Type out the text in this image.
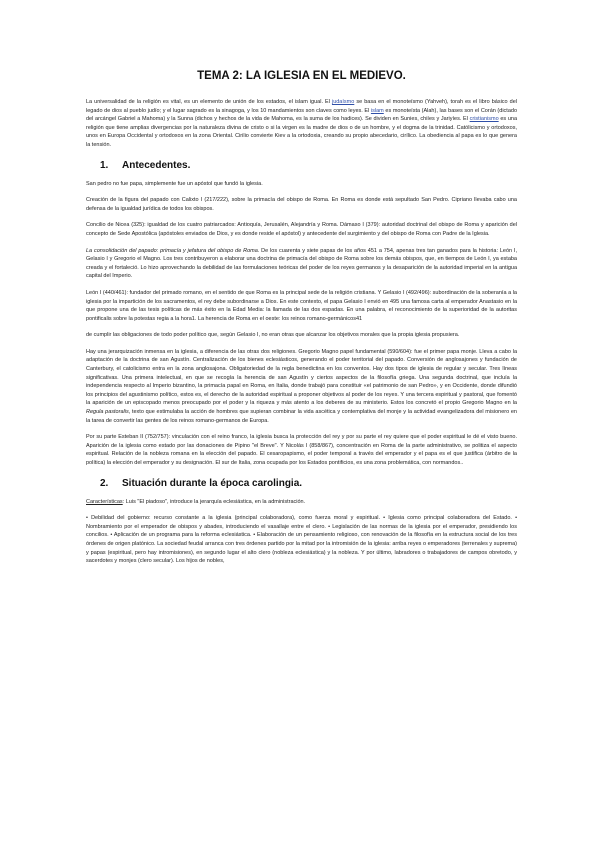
TEMA 2: LA IGLESIA EN EL MEDIEVO.

La universalidad de la religión es vital, es un elemento de unión de los estados, el islam igual. El judaísmo se basa en el monoteísmo (Yahveh), torah es el libro básico del legado de dios al pueblo judío; y el lugar sagrado es la sinagoga, y los 10 mandamientos son claves como leyes. El islam es monoteísta (Alah), las bases son el Corán (dictado del arcángel Gabriel a Mahoma) y la Sunna (dichos y hechos de la vida de Mahoma, es la suma de los hadices). Se dividen en Sunies, chiíes y Jariyíes. El cristianismo es una religión que tiene amplias divergencias por la naturaleza divina de cristo o si la virgen es la madre de dios o de un hombre, y el dogma de la trinidad. Católicismo y ortodoxos, unos en Europa Occidental y ortodoxos en la zona Oriental. Cirilio convierte Kiev a la ortodoxia, creando su propio abecedario, cirílico. La obediencia al papa es lo que genera la tensión.

1.	Antecedentes.

San pedro no fue papa, simplemente fue un apóstol que fundó la iglesia.

Creación de la figura del papado con Calixto I (217/222), sobre la primacía del obispo de Roma. En Roma es donde está sepultado San Pedro. Cipriano llevaba cabo una defensa de la igualdad jurídica de todos los obispos.

Concilio de Nicea (325): igualdad de los cuatro patriarcados: Antioquía, Jerusalén, Alejandría y Roma. Dámaso I (379): autoridad doctrinal del obispo de Roma y aparición del concepto de Sede Apostólica (apóstoles enviados de Dios, y es donde reside el apóstol) y antecedente del surgimiento y del obispo de Roma con Padre de la Iglesia.

La consolidación del papado: primacía y jefatura del obispo de Roma. De los cuarenta y siete papas de los años 451 a 754, apenas tres tan ganados para la historia: León I, Gelasio I y Gregorio el Magno. Los tres contribuyeron a elaborar una doctrina de primacía del obispo de Roma sobre los demás obispos, que, en tiempos de León I, ya estaba creada y el fortaleció. Lo hizo aprovechando la debilidad de las formulaciones teóricas del poder de los reyes germanos y la desaparición de la autoridad imperial en la antigua capital del Imperio.

León I (440/461): fundador del primado romano, en el sentido de que Roma es la principal sede de la religión cristiana. Y Gelasio I (492/496): subordinación de la soberanía a la iglesia por la impartición de los sacramentos, el rey debe subordinarse a Dios. En este contexto, el papa Gelasio I envió en 495 una famosa carta al emperador Anastasio en la que propone una de las tesis políticas de más éxito en la Edad Media: la llamada de las dos espadas. En una palabra, el reconocimiento de la superioridad de la autoritas pontificalis sobre la potestas regia a la hora1. La herencia de Roma en el oeste: los reinos romano-germánicos41

de cumplir las obligaciones de todo poder político que, según Gelasio I, no eran otras que alcanzar los objetivos morales que la propia iglesia propusiera.

Hay una jerarquización inmensa en la iglesia, a diferencia de las otras dos religiones. Gregorio Magno papel fundamental (590/604): fue el primer papa monje. Lleva a cabo la adaptación de la doctrina de san Agustín. Centralización de los bienes eclesiásticos, generando el poder territorial del papado. Conversión de anglosajones y fundación de Canterbury, el catolicismo entra en la zona anglosajona. Obligatoriedad de la regla benedictina en los conventos. Hay dos tipos de iglesia de regular y secular. Tres líneas significativas. Una primera intelectual, en que se recogía la herencia de san Agustín y ciertos aspectos de la filosofía griega. Una segunda doctrinal, que incluía la independencia respecto al Imperio bizantino, la primacía papal en Roma, en Italia, donde trabajó para constituir «el patrimonio de san Pedro», y en Occidente, donde difundió los principios del agustinismo político, estos es, el derecho de la autoridad espiritual a proponer objetivos al poder de los reyes. Y una tercera espiritual y pastoral, que fomentó la aparición de un episcopado menos preocupado por el poder y la riqueza y más atento a los deberes de su ministerio. Estos los concretó el propio Gregorio Magno en la Regula pastoralis, texto que estimulaba la acción de hombres que supieran combinar la vida ascética y contemplativa del monje y la actividad evangelizadora del misionero en la tarea de convertir las gentes de los reinos romano-germanos de Europa.

Por su parte Esteban II (752/757): vinculación con el reino franco, la iglesia busca la protección del rey y por su parte el rey quiere que el poder espiritual le dé el visto bueno. Aparición de la iglesia como estado por las donaciones de Pipino "el Breve". Y Nicolás I (858/867), concentración en Roma de la parte administrativo, se politiza el aspecto espiritual. Relación de la nobleza romana en la elección del papado. El cesaropapismo, el poder temporal a través del emperador y el papa es el que justifica (árbitro de la política) la elección del emperador y su designación. El sur de Italia, zona ocupada por los Estados pontificios, es una zona problemática, con normandos..

2.	Situación durante la época carolingia.

Características: Luis "El piadoso", introduce la jerarquía eclesiástica, en la administración.

• Debilidad del gobierno: recurso constante a la iglesia (principal colaboradora), como fuerza moral y espiritual. • Iglesia como principal colaboradora del Estado. • Nombramiento por el emperador de obispos y abades, introduciendo el vasallaje entre el clero. • Legislación de las normas de la iglesia por el emperador, presidiendo los concilios. • Aplicación de un programa para la reforma eclesiástica. • Elaboración de un pensamiento religioso, con renovación de la filosofía en la estructura social de los tres órdenes de origen platónico. La sociedad feudal arranca con tres órdenes partido por la mitad por la intromisión de la iglesia: arriba reyes o emperadores (terrenales y suprema) y papas (espiritual, pero hay intromisiones), en segundo lugar el alto clero (nobleza eclesiástica) y la nobleza. Y por último, labradores o trabajadores de campos obretodo, y sacerdotes y monjes (clero secular). Los hijos de nobles,
